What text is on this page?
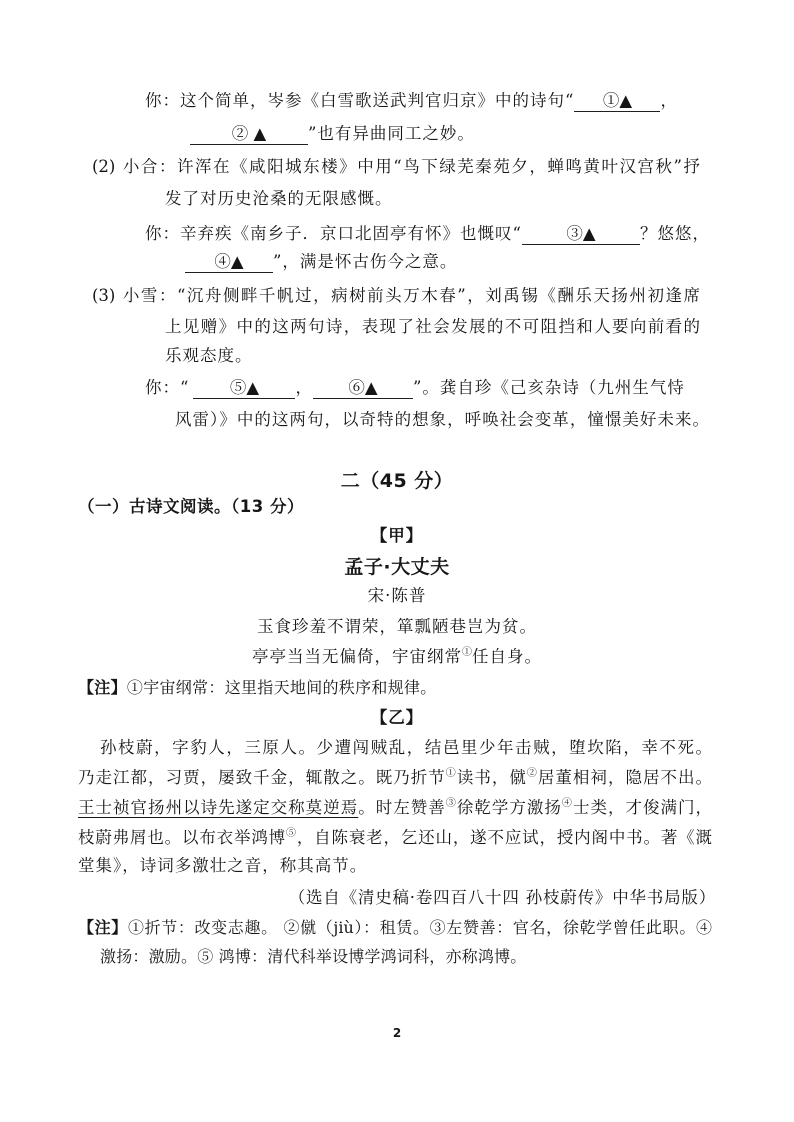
你：这个简单，岑参《白雪歌送武判官归京》中的诗句“ ①▲ ，
② ▲	”也有异曲同工之妙。
(2) 小合：许浑在《咸阳城东楼》中用“鸟下绿芜秦苑夕，蝉鸣黄叶汉宫秋”抒
发了对历史沧桑的无限感慨。
你：辛弃疾《南乡子．京口北固亭有怀》也慨叹“	③▲	？悠悠，
④▲ ”，满是怀古伤今之意。
(3) 小雪：“沉舟侧畔千帆过，病树前头万木春”，刘禹锡《酬乐天扬州初逢席
上见赠》中的这两句诗，表现了社会发展的不可阻挡和人要向前看的
乐观态度。
你：“ ⑤▲ ， ⑥▲ ”。龚自珍《己亥杂诗（九州生气恃
风雷）》中的这两句，以奇特的想象，呼唤社会变革，憧憬美好未来。
二（45 分）
（一）古诗文阅读。（13 分）
【甲】
孟子·大丈夫
宋·陈普
玉食珍羞不谓荣，箪瓢陋巷岂为贫。
亭亭当当无偏倚，宇宙纲常①任自身。
【注】①宇宙纲常：这里指天地间的秩序和规律。
【乙】
孙枝蔚，字豹人，三原人。少遭闯贼乱，结邑里少年击贼，堕坎陷，幸不死。
乃走江都，习贾，屡致千金，辄散之。既乃折节①读书，僦②居董相祠，隐居不出。
王士祯官扬州以诗先遂定交称莫逆焉。时左赞善③徐乾学方激扬④士类，才俊满门，
枝蔚弗屑也。以布衣举鸿博⑤，自陈衰老，乞还山，遂不应试，授内阁中书。著《溉
堂集》，诗词多激壮之音，称其高节。
（选自《清史稿·卷四百八十四 孙枝蔚传》中华书局版）
【注】①折节：改变志趣。 ②僦（jiù）：租赁。③左赞善：官名，徐乾学曾任此职。④
激扬：激励。⑤ 鸿博：清代科举设博学鸿词科，亦称鸿博。
2
